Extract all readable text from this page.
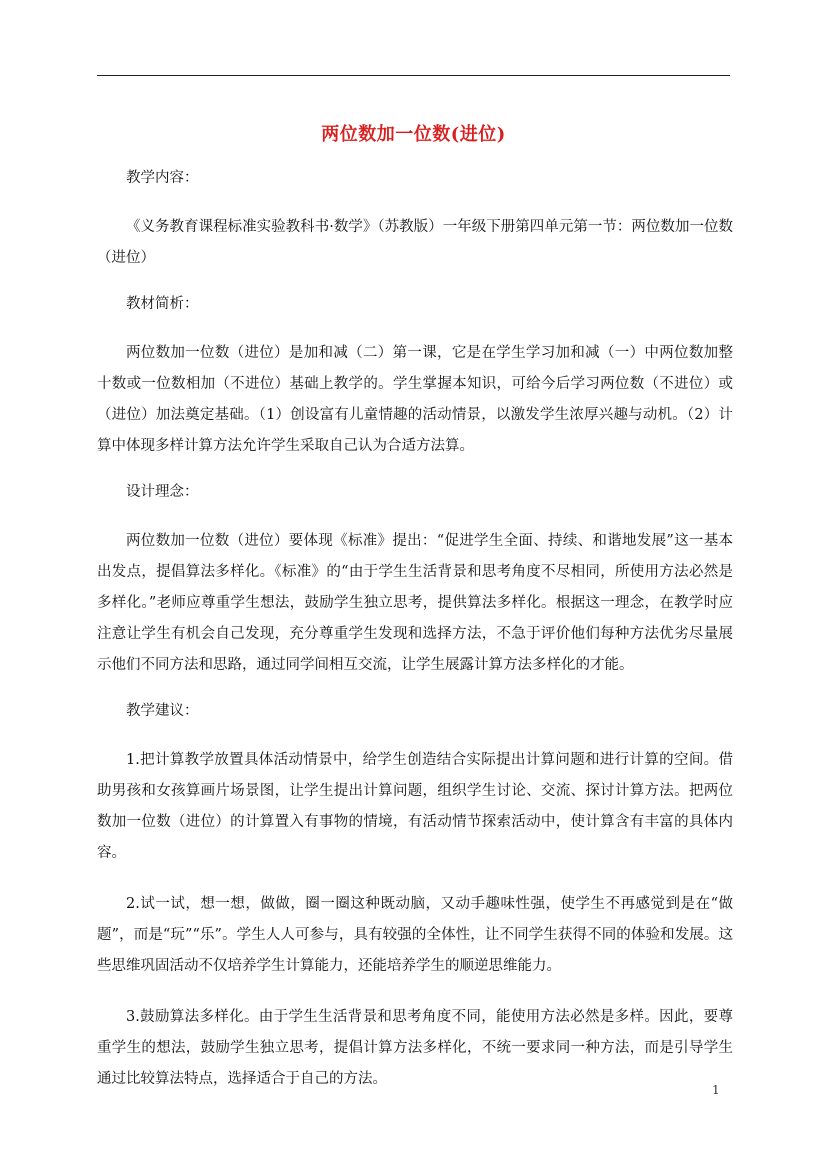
两位数加一位数(进位)

教学内容：

《义务教育课程标准实验教科书·数学》（苏教版）一年级下册第四单元第一节：两位数加一位数（进位）

教材简析：

两位数加一位数（进位）是加和减（二）第一课，它是在学生学习加和减（一）中两位数加整十数或一位数相加（不进位）基础上教学的。学生掌握本知识，可给今后学习两位数（不进位）或（进位）加法奠定基础。（1）创设富有儿童情趣的活动情景，以激发学生浓厚兴趣与动机。（2）计算中体现多样计算方法允许学生采取自己认为合适方法算。

设计理念：

两位数加一位数（进位）要体现《标准》提出：“促进学生全面、持续、和谐地发展”这一基本出发点，提倡算法多样化。《标准》的“由于学生生活背景和思考角度不尽相同，所使用方法必然是多样化。”老师应尊重学生想法，鼓励学生独立思考，提供算法多样化。根据这一理念，在教学时应注意让学生有机会自己发现，充分尊重学生发现和选择方法，不急于评价他们每种方法优劣尽量展示他们不同方法和思路，通过同学间相互交流，让学生展露计算方法多样化的才能。

教学建议：

1.把计算教学放置具体活动情景中，给学生创造结合实际提出计算问题和进行计算的空间。借助男孩和女孩算画片场景图，让学生提出计算问题，组织学生讨论、交流、探讨计算方法。把两位数加一位数（进位）的计算置入有事物的情境，有活动情节探索活动中，使计算含有丰富的具体内容。

2.试一试，想一想，做做，圈一圈这种既动脑，又动手趣味性强，使学生不再感觉到是在“做题”，而是“玩”“乐”。学生人人可参与，具有较强的全体性，让不同学生获得不同的体验和发展。这些思维巩固活动不仅培养学生计算能力，还能培养学生的顺逆思维能力。

3.鼓励算法多样化。由于学生生活背景和思考角度不同，能使用方法必然是多样。因此，要尊重学生的想法，鼓励学生独立思考，提倡计算方法多样化，不统一要求同一种方法，而是引导学生通过比较算法特点，选择适合于自己的方法。

1
